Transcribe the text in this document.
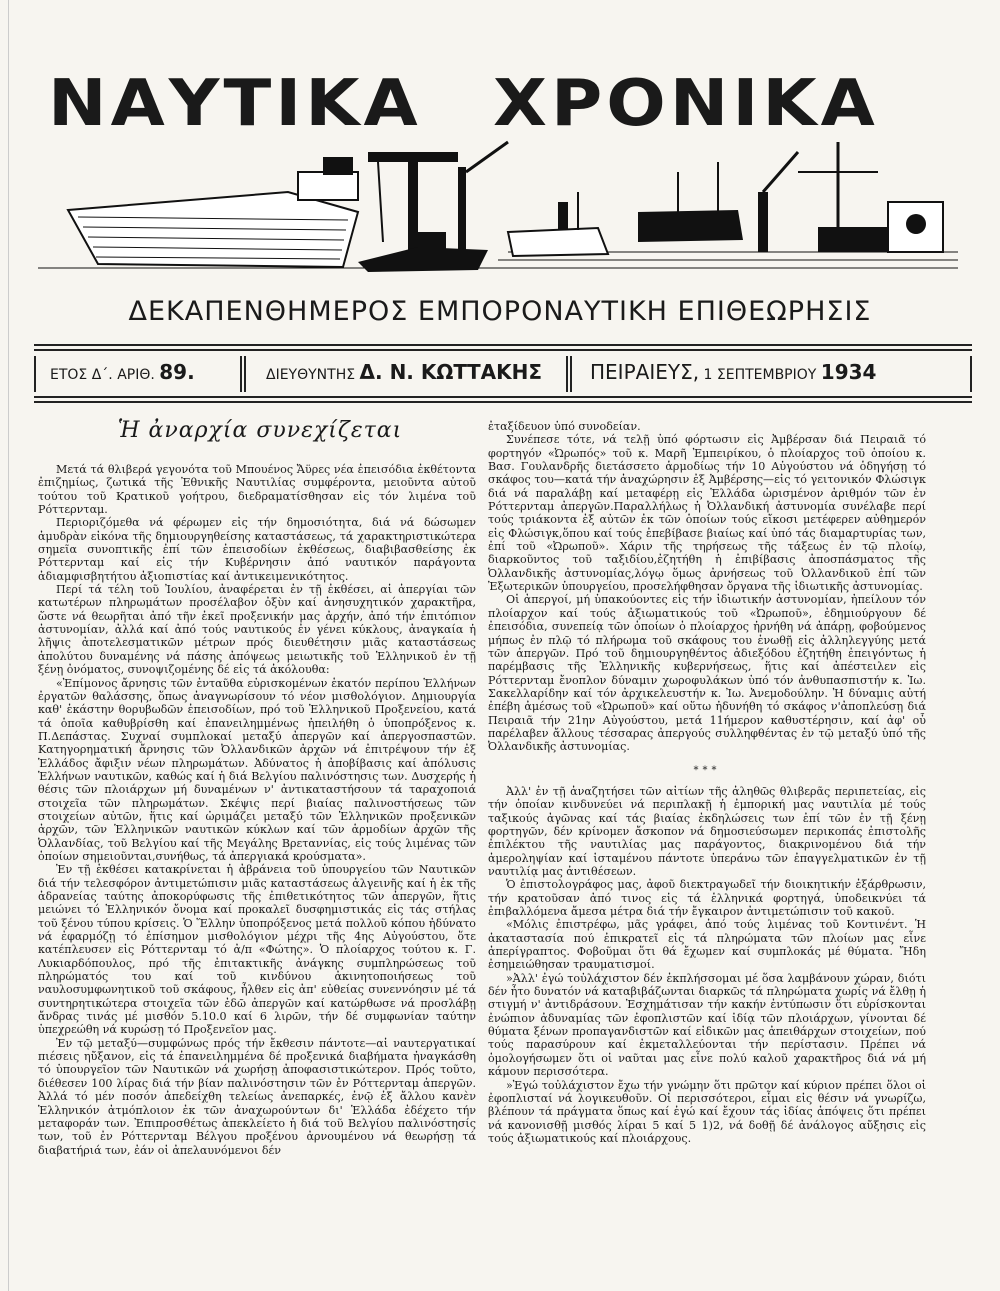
ΝΑΥΤΙΚΑ ΧΡΟΝΙΚΑ
ΔΕΚΑΠΕΝΘΗΜΕΡΟΣ ΕΜΠΟΡΟΝΑΥΤΙΚΗ ΕΠΙΘΕΩΡΗΣΙΣ
ΕΤΟΣ Δ΄. ΑΡΙΘ. 89.	ΔΙΕΥΘΥΝΤΗΣ Δ. Ν. ΚΩΤΤΑΚΗΣ ΠΕΙΡΑΙΕΥΣ, 1 ΣΕΠΤΕΜΒΡΙΟΥ 1934
Ἡ ἀναρχία συνεχίζεται

Μετά τά θλιβερά γεγονότα τοῦ Μπουένος Ἄϋρες νέα ἐπεισόδια ἐκθέτοντα ἐπιζημίως, ζωτικά τῆς Ἐθνικῆς Ναυτιλίας συμφέροντα, μειοῦντα αὐτοῦ τούτου τοῦ Κρατικοῦ γοήτρου, διεδραματίσθησαν εἰς τόν λιμένα τοῦ Ρόττερνταμ.

Περιοριζόμεθα νά φέρωμεν εἰς τήν δημοσιότητα, διά νά δώσωμεν ἀμυδρὰν εἰκόνα τῆς δημιουργηθείσης καταστάσεως, τά χαρακτηριστικώτερα σημεῖα συνοπτικῆς ἐπί τῶν ἐπεισοδίων ἐκθέσεως, διαβιβασθείσης ἐκ Ρόττερνταμ καί εἰς τήν Κυβέρνησιν ἀπό ναυτικόν παράγοντα ἀδιαμφισβητήτου ἀξιοπιστίας καί ἀντικειμενικότητος.

Περί τά τέλη τοῦ Ἰουλίου, ἀναφέρεται ἐν τῇ ἐκθέσει, αἱ ἀπεργίαι τῶν κατωτέρων πληρωμάτων προσέλαβον ὀξὺν καί ἀνησυχητικόν χαρακτῆρα, ὥστε νά θεωρῆται ἀπό τῆν ἐκεῖ προξενικήν μας ἀρχήν, ἀπό τήν ἐπιτόπιον ἀστυνομίαν, ἀλλά καί ἀπό τούς ναυτικούς ἐν γένει κύκλους, ἀναγκαία ἡ λῆψις ἀποτελεσματικῶν μέτρων πρός διευθέτησιν μιᾶς καταστάσεως ἀπολύτου δυναμένης νά πάσης ἀπόψεως μειωτικῆς τοῦ Ἑλληνικοῦ ἐν τῇ ξένῃ ὀνόματος, συνοψιζομένης δέ εἰς τά ἀκόλουθα:

«Ἐπίμονος ἄρνησις τῶν ἐνταῦθα εὑρισκομένων ἑκατόν περίπου Ἑλλήνων ἐργατῶν θαλάσσης, ὅπως ἀναγνωρίσουν τό νέον μισθολόγιον. Δημιουργία καθ' ἑκάστην θορυβωδῶν ἐπεισοδίων, πρό τοῦ Ἑλληνικοῦ Προξενείου, κατά τά ὁποῖα καθυβρίσθη καί ἐπανειλημμένως ἠπειλήθη ὁ ὑποπρόξενος κ. Π.Δεπάστας. Συχναί συμπλοκαί μεταξύ ἀπεργῶν καί ἀπεργοσπαστῶν. Κατηγορηματική ἄρνησις τῶν Ὀλλανδικῶν ἀρχῶν νά ἐπιτρέψουν τήν ἐξ Ἑλλάδος ἄφιξιν νέων πληρωμάτων. Ἀδύνατος ἡ ἀποβίβασις καί ἀπόλυσις Ἑλλήνων ναυτικῶν, καθώς καί ἡ διά Βελγίου παλινόστησις των. Δυσχερής ἡ θέσις τῶν πλοιάρχων μή δυναμένων ν' ἀντικαταστήσουν τά ταραχοποιά στοιχεῖα τῶν πληρωμάτων. Σκέψις περί βιαίας παλινοστήσεως τῶν στοιχείων αὐτῶν, ἥτις καί ὡριμάζει μεταξύ τῶν Ἑλληνικῶν προξενικῶν ἀρχῶν, τῶν Ἑλληνικῶν ναυτικῶν κύκλων καί τῶν ἁρμοδίων ἀρχῶν τῆς Ὀλλανδίας, τοῦ Βελγίου καί τῆς Μεγάλης Βρεταννίας, εἰς τούς λιμένας τῶν ὁποίων σημειοῦνται,συνήθως, τά ἀπεργιακά κρούσματα».

Ἐν τῇ ἐκθέσει κατακρίνεται ἡ ἀβράνεια τοῦ ὑπουργείου τῶν Ναυτικῶν διά τήν τελεσφόρον ἀντιμετώπισιν μιᾶς καταστάσεως ἀλγεινῆς καί ἡ ἐκ τῆς ἀδρανείας ταύτης ἀποκορύφωσις τῆς ἐπιθετικότητος τῶν ἀπεργῶν, ἥτις μειώνει τό Ἑλληνικόν ὄνομα καί προκαλεῖ δυσφημιστικάς εἰς τάς στήλας τοῦ ξένου τύπου κρίσεις. Ὁ Ἕλλην ὑποπρόξενος μετά πολλοῦ κόπου ἠδύνατο νά ἐφαρμόζῃ τό ἐπίσημον μισθολόγιον μέχρι τῆς 4ης Αὐγούστου, ὅτε κατέπλευσεν εἰς Ρόττερνταμ τό ἀ/π «Φώτης». Ὁ πλοίαρχος τούτου κ. Γ. Λυκιαρδόπουλος, πρό τῆς ἐπιτακτικῆς ἀνάγκης συμπληρώσεως τοῦ πληρώματός του καί τοῦ κινδύνου ἀκινητοποιήσεως τοῦ ναυλοσυμφωνητικοῦ τοῦ σκάφους, ἦλθεν εἰς ἀπ' εὐθείας συνεννόησιν μέ τά συντηρητικώτερα στοιχεῖα τῶν ἐδῶ ἀπεργῶν καί κατώρθωσε νά προσλάβῃ ἄνδρας τινάς μέ μισθόν 5.10.0 καί 6 λιρῶν, τήν δέ συμφωνίαν ταύτην ὑπεχρεώθη νά κυρώσῃ τό Προξενεῖον μας.

Ἐν τῷ μεταξύ—συμφώνως πρός τήν ἔκθεσιν πάντοτε—αἱ ναυτεργατικαί πιέσεις ηὔξανον, εἰς τά ἐπανειλημμένα δέ προξενικά διαβήματα ἠναγκάσθη τό ὑπουργεῖον τῶν Ναυτικῶν νά χωρήσῃ ἀποφασιστικώτερον. Πρός τοῦτο, διέθεσεν 100 λίρας διά τήν βίαν παλινόστησιν τῶν ἐν Ρόττερνταμ ἀπεργῶν. Ἀλλά τό μέν ποσόν ἀπεδείχθη τελείως ἀνεπαρκές, ἐνῷ ἐξ ἄλλου κανὲν Ἑλληνικόν ἀτμόπλοιον ἐκ τῶν ἀναχωρούντων δι' Ἑλλάδα ἐδέχετο τήν μεταφοράν των. Ἐπιπροσθέτως ἀπεκλείετο ἡ διά τοῦ Βελγίου παλινόστησίς των, τοῦ ἐν Ρόττερνταμ Βέλγου προξένου ἀρνουμένου νά θεωρήσῃ τά διαβατήριά των, ἐάν οἱ ἀπελαυνόμενοι δέν

ἐταξίδευον ὑπό συνοδείαν.

Συνέπεσε τότε, νά τελῇ ὑπό φόρτωσιν εἰς Ἀμβέρσαν διά Πειραιᾶ τό φορτηγόν «Ὠρωπός» τοῦ κ. Μαρῆ Ἐμπειρίκου, ὁ πλοίαρχος τοῦ ὁποίου κ. Βασ. Γουλανδρῆς διετάσσετο ἁρμοδίως τήν 10 Αὐγούστου νά ὁδηγήσῃ τό σκάφος του—κατά τήν ἀναχώρησιν ἐξ Ἀμβέρσης—εἰς τό γειτονικόν Φλώσιγκ διά νά παραλάβῃ καί μεταφέρῃ εἰς Ἑλλάδα ὡρισμένον ἀριθμόν τῶν ἐν Ρόττερνταμ ἀπεργῶν.Παραλλήλως ἡ Ὀλλανδική ἀστυνομία συνέλαβε περί τούς τριάκοντα ἐξ αὐτῶν ἐκ τῶν ὁποίων τούς εἴκοσι μετέφερεν αὐθημερόν εἰς Φλώσιγκ,ὅπου καί τούς ἐπεβίβασε βιαίως καί ὑπό τάς διαμαρτυρίας των, ἐπί τοῦ «Ὠρωποῦ». Χάριν τῆς τηρήσεως τῆς τάξεως ἐν τῷ πλοίῳ, διαρκοῦντος τοῦ ταξιδίου,ἐζητήθη ἡ ἐπιβίβασις ἀποσπάσματος τῆς Ὀλλανδικῆς ἀστυνομίας,λόγῳ ὅμως ἀρνήσεως τοῦ Ὀλλανδικοῦ ἐπί τῶν Ἐξωτερικῶν ὑπουργείου, προσελήφθησαν ὄργανα τῆς ἰδιωτικῆς ἀστυνομίας.

Οἱ ἀπεργοί, μή ὑπακούοντες εἰς τήν ἰδιωτικήν ἀστυνομίαν, ἠπείλουν τόν πλοίαρχον καί τούς ἀξιωματικούς τοῦ «Ὠρωποῦ», ἐδημιούργουν δέ ἐπεισόδια, συνεπείᾳ τῶν ὁποίων ὁ πλοίαρχος ἠρνήθη νά ἀπάρῃ, φοβούμενος μήπως ἐν πλῷ τό πλήρωμα τοῦ σκάφους του ἑνωθῇ εἰς ἀλληλεγγύης μετά τῶν ἀπεργῶν. Πρό τοῦ δημιουργηθέντος ἀδιεξόδου ἐζητήθη ἐπειγόντως ἡ παρέμβασις τῆς Ἑλληνικῆς κυβερνήσεως, ἥτις καί ἀπέστειλεν εἰς Ρόττερνταμ ἔνοπλον δύναμιν χωροφυλάκων ὑπό τόν ἀνθυπασπιστήν κ. Ἰω. Σακελλαρίδην καί τόν ἀρχικελευστήν κ. Ἰω. Ἀνεμοδούλην. Ἡ δύναμις αὐτή ἐπέβη ἀμέσως τοῦ «Ὠρωποῦ» καί οὕτω ἠδυνήθη τό σκάφος ν'ἀποπλεύσῃ διά Πειραιᾶ τήν 21ην Αὐγούστου, μετά 11ήμερον καθυστέρησιν, καί ἀφ' οὗ παρέλαβεν ἄλλους τέσσαρας ἀπεργούς συλληφθέντας ἐν τῷ μεταξύ ὑπό τῆς Ὀλλανδικῆς ἀστυνομίας.

***

Ἀλλ' ἐν τῇ ἀναζητήσει τῶν αἰτίων τῆς ἀληθῶς θλιβερᾶς περιπετείας, εἰς τήν ὁποίαν κινδυνεύει νά περιπλακῇ ἡ ἐμπορική μας ναυτιλία μέ τούς ταξικούς ἀγῶνας καί τάς βιαίας ἐκδηλώσεις των ἐπί τῶν ἐν τῇ ξένῃ φορτηγῶν, δέν κρίνομεν ἄσκοπον νά δημοσιεύσωμεν περικοπάς ἐπιστολῆς ἐπιλέκτου τῆς ναυτιλίας μας παράγοντος, διακρινομένου διά τήν ἀμεροληψίαν καί ἱσταμένου πάντοτε ὑπεράνω τῶν ἐπαγγελματικῶν ἐν τῇ ναυτιλίᾳ μας ἀντιθέσεων.

Ὁ ἐπιστολογράφος μας, ἀφοῦ διεκτραγωδεῖ τήν διοικητικήν ἐξάρθρωσιν, τήν κρατοῦσαν ἀπό τινος εἰς τά ἑλληνικά φορτηγά, ὑποδεικνύει τά ἐπιβαλλόμενα ἄμεσα μέτρα διά τήν ἔγκαιρον ἀντιμετώπισιν τοῦ κακοῦ.

«Μόλις ἐπιστρέφω, μᾶς γράφει, ἀπό τούς λιμένας τοῦ Κοντινέντ. Ἡ ἀκαταστασία πού ἐπικρατεῖ εἰς τά πληρώματα τῶν πλοίων μας εἶνε ἀπερίγραπτος. Φοβοῦμαι ὅτι θά ἔχωμεν καί συμπλοκάς μέ θύματα. Ἤδη ἐσημειώθησαν τραυματισμοί.

»Ἀλλ' ἐγώ τοὐλάχιστον δέν ἐκπλήσσομαι μέ ὅσα λαμβάνουν χώραν, διότι δέν ἦτο δυνατόν νά καταβιβάζωνται διαρκῶς τά πληρώματα χωρίς νά ἔλθῃ ἡ στιγμή ν' ἀντιδράσουν. Ἐσχημάτισαν τήν κακήν ἐντύπωσιν ὅτι εὑρίσκονται ἐνώπιον ἀδυναμίας τῶν ἐφοπλιστῶν καί ἰδίᾳ τῶν πλοιάρχων, γίνονται δέ θύματα ξένων προπαγανδιστῶν καί εἰδικῶν μας ἀπειθάρχων στοιχείων, πού τούς παρασύρουν καί ἐκμεταλλεύονται τήν περίστασιν. Πρέπει νά ὁμολογήσωμεν ὅτι οἱ ναῦται μας εἶνε πολύ καλοῦ χαρακτῆρος διά νά μή κάμουν περισσότερα.

»Ἐγώ τοὐλάχιστον ἔχω τήν γνώμην ὅτι πρῶτον καί κύριον πρέπει ὅλοι οἱ ἐφοπλισταί νά λογικευθοῦν. Οἱ περισσότεροι, εἶμαι εἰς θέσιν νά γνωρίζω, βλέπουν τά πράγματα ὅπως καί ἐγώ καί ἔχουν τάς ἰδίας ἀπόψεις ὅτι πρέπει νά κανονισθῇ μισθός λίραι 5 καί 5 1)2, νά δοθῇ δέ ἀνάλογος αὔξησις εἰς τούς ἀξιωματικούς καί πλοιάρχους.
